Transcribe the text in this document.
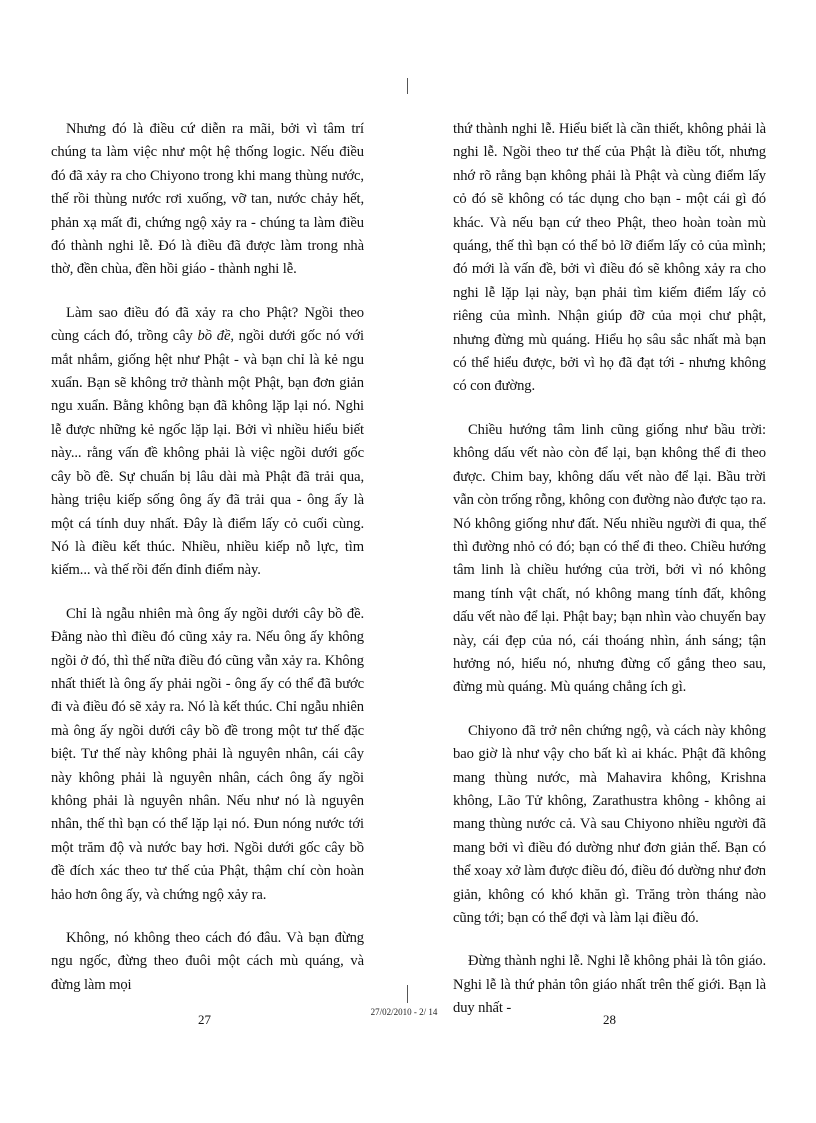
Nhưng đó là điều cứ diễn ra mãi, bởi vì tâm trí chúng ta làm việc như một hệ thống logic. Nếu điều đó đã xảy ra cho Chiyono trong khi mang thùng nước, thế rồi thùng nước rơi xuống, vỡ tan, nước chảy hết, phản xạ mất đi, chứng ngộ xảy ra - chúng ta làm điều đó thành nghi lễ. Đó là điều đã được làm trong nhà thờ, đền chùa, đền hồi giáo - thành nghi lễ.

Làm sao điều đó đã xảy ra cho Phật? Ngồi theo cùng cách đó, trồng cây bồ đề, ngồi dưới gốc nó với mắt nhắm, giống hệt như Phật - và bạn chỉ là kẻ ngu xuẩn. Bạn sẽ không trở thành một Phật, bạn đơn giản ngu xuẩn. Bằng không bạn đã không lặp lại nó. Nghi lễ được những kẻ ngốc lặp lại. Bởi vì nhiều hiểu biết này... rằng vấn đề không phải là việc ngồi dưới gốc cây bồ đề. Sự chuẩn bị lâu dài mà Phật đã trải qua, hàng triệu kiếp sống ông ấy đã trải qua - ông ấy là một cá tính duy nhất. Đây là điểm lấy cỏ cuối cùng. Nó là điều kết thúc. Nhiều, nhiều kiếp nỗ lực, tìm kiếm... và thế rồi đến đỉnh điểm này.

Chỉ là ngẫu nhiên mà ông ấy ngồi dưới cây bồ đề. Đằng nào thì điều đó cũng xảy ra. Nếu ông ấy không ngồi ở đó, thì thế nữa điều đó cũng vẫn xảy ra. Không nhất thiết là ông ấy phải ngồi - ông ấy có thể đã bước đi và điều đó sẽ xảy ra. Nó là kết thúc. Chỉ ngẫu nhiên mà ông ấy ngồi dưới cây bồ đề trong một tư thế đặc biệt. Tư thế này không phải là nguyên nhân, cái cây này không phải là nguyên nhân, cách ông ấy ngồi không phải là nguyên nhân. Nếu như nó là nguyên nhân, thế thì bạn có thể lặp lại nó. Đun nóng nước tới một trăm độ và nước bay hơi. Ngồi dưới gốc cây bồ đề đích xác theo tư thế của Phật, thậm chí còn hoàn hảo hơn ông ấy, và chứng ngộ xảy ra.

Không, nó không theo cách đó đâu. Và bạn đừng ngu ngốc, đừng theo đuôi một cách mù quáng, và đừng làm mọi

thứ thành nghi lễ. Hiểu biết là cần thiết, không phải là nghi lễ. Ngồi theo tư thế của Phật là điều tốt, nhưng nhớ rõ rằng bạn không phải là Phật và cùng điểm lấy cỏ đó sẽ không có tác dụng cho bạn - một cái gì đó khác. Và nếu bạn cứ theo Phật, theo hoàn toàn mù quáng, thế thì bạn có thể bỏ lỡ điểm lấy cỏ của mình; đó mới là vấn đề, bởi vì điều đó sẽ không xảy ra cho nghi lễ lặp lại này, bạn phải tìm kiếm điểm lấy cỏ riêng của mình. Nhận giúp đỡ của mọi chư phật, nhưng đừng mù quáng. Hiểu họ sâu sắc nhất mà bạn có thể hiểu được, bởi vì họ đã đạt tới - nhưng không có con đường.

Chiều hướng tâm linh cũng giống như bầu trời: không dấu vết nào còn để lại, bạn không thể đi theo được. Chim bay, không dấu vết nào để lại. Bầu trời vẫn còn trống rỗng, không con đường nào được tạo ra. Nó không giống như đất. Nếu nhiều người đi qua, thế thì đường nhỏ có đó; bạn có thể đi theo. Chiều hướng tâm linh là chiều hướng của trời, bởi vì nó không mang tính vật chất, nó không mang tính đất, không dấu vết nào để lại. Phật bay; bạn nhìn vào chuyến bay này, cái đẹp của nó, cái thoáng nhìn, ánh sáng; tận hưởng nó, hiểu nó, nhưng đừng cố gắng theo sau, đừng mù quáng. Mù quáng chẳng ích gì.

Chiyono đã trở nên chứng ngộ, và cách này không bao giờ là như vậy cho bất kì ai khác. Phật đã không mang thùng nước, mà Mahavira không, Krishna không, Lão Tử không, Zarathustra không - không ai mang thùng nước cả. Và sau Chiyono nhiều người đã mang bởi vì điều đó dường như đơn giản thế. Bạn có thể xoay xở làm được điều đó, điều đó dường như đơn giản, không có khó khăn gì. Trăng tròn tháng nào cũng tới; bạn có thể đợi và làm lại điều đó.

Đừng thành nghi lễ. Nghi lễ không phải là tôn giáo. Nghi lễ là thứ phản tôn giáo nhất trên thế giới. Bạn là duy nhất -

27	27/02/2010 - 2/ 14	28
